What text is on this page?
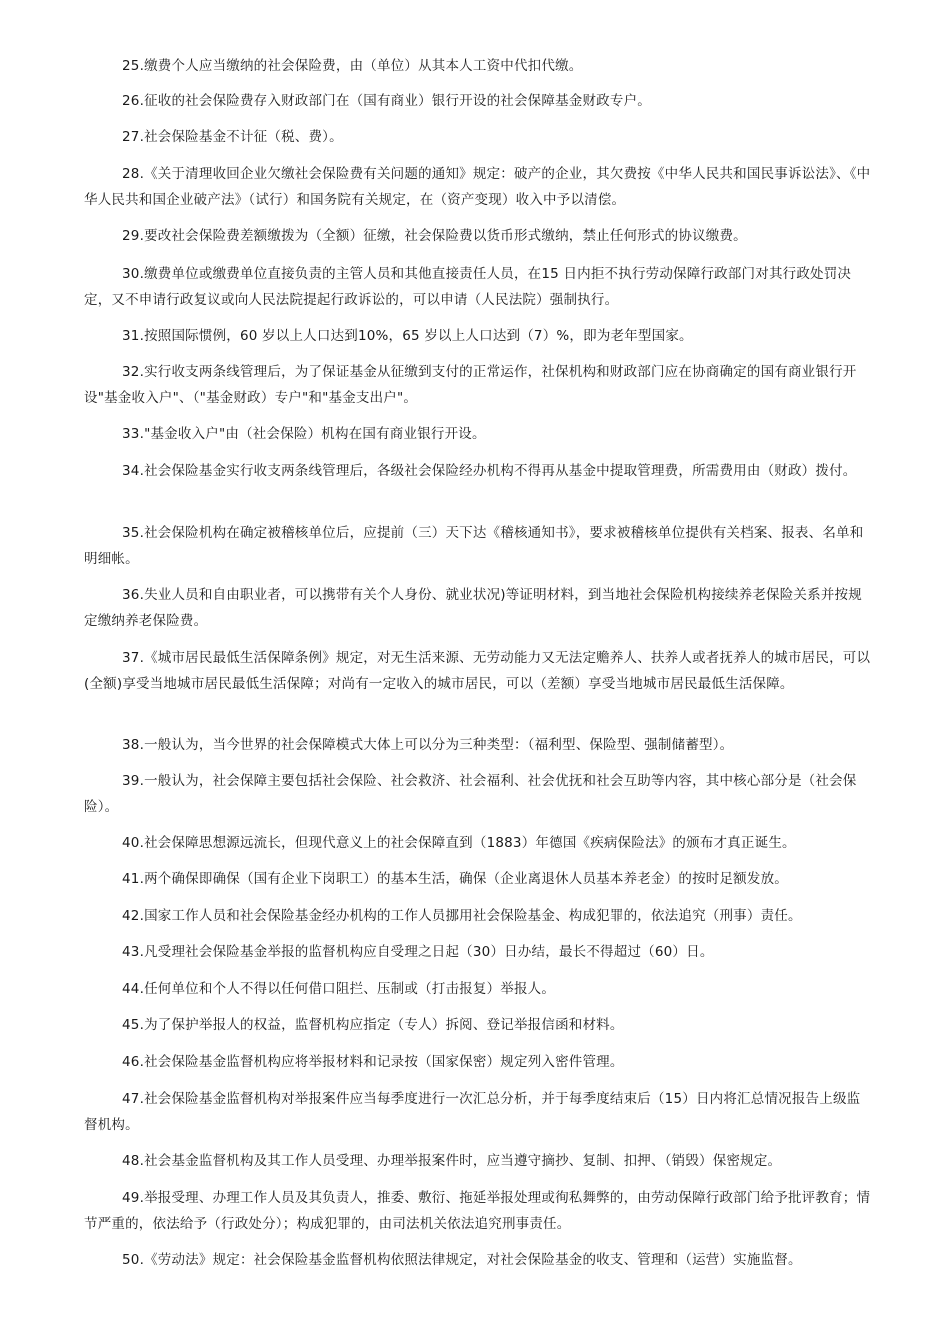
25.缴费个人应当缴纳的社会保险费，由（单位）从其本人工资中代扣代缴。

26.征收的社会保险费存入财政部门在（国有商业）银行开设的社会保障基金财政专户。

27.社会保险基金不计征（税、费）。

28.《关于清理收回企业欠缴社会保险费有关问题的通知》规定：破产的企业，其欠费按《中华人民共和国民事诉讼法》、《中华人民共和国企业破产法》（试行）和国务院有关规定，在（资产变现）收入中予以清偿。

29.要改社会保险费差额缴拨为（全额）征缴，社会保险费以货币形式缴纳，禁止任何形式的协议缴费。

30.缴费单位或缴费单位直接负责的主管人员和其他直接责任人员，在15 日内拒不执行劳动保障行政部门对其行政处罚决定，又不申请行政复议或向人民法院提起行政诉讼的，可以申请（人民法院）强制执行。

31.按照国际惯例，60 岁以上人口达到10%，65 岁以上人口达到（7）%，即为老年型国家。

32.实行收支两条线管理后，为了保证基金从征缴到支付的正常运作，社保机构和财政部门应在协商确定的国有商业银行开设"基金收入户"、（"基金财政）专户"和"基金支出户"。

33."基金收入户"由（社会保险）机构在国有商业银行开设。

34.社会保险基金实行收支两条线管理后，各级社会保险经办机构不得再从基金中提取管理费，所需费用由（财政）拨付。

35.社会保险机构在确定被稽核单位后，应提前（三）天下达《稽核通知书》，要求被稽核单位提供有关档案、报表、名单和明细帐。

36.失业人员和自由职业者，可以携带有关个人身份、就业状况)等证明材料，到当地社会保险机构接续养老保险关系并按规定缴纳养老保险费。

37.《城市居民最低生活保障条例》规定，对无生活来源、无劳动能力又无法定赡养人、扶养人或者抚养人的城市居民，可以(全额)享受当地城市居民最低生活保障；对尚有一定收入的城市居民，可以（差额）享受当地城市居民最低生活保障。

38.一般认为，当今世界的社会保障模式大体上可以分为三种类型：（福利型、保险型、强制储蓄型）。

39.一般认为，社会保障主要包括社会保险、社会救济、社会福利、社会优抚和社会互助等内容，其中核心部分是（社会保险）。

40.社会保障思想源远流长，但现代意义上的社会保障直到（1883）年德国《疾病保险法》的颁布才真正诞生。

41.两个确保即确保（国有企业下岗职工）的基本生活，确保（企业离退休人员基本养老金）的按时足额发放。

42.国家工作人员和社会保险基金经办机构的工作人员挪用社会保险基金、构成犯罪的，依法追究（刑事）责任。

43.凡受理社会保险基金举报的监督机构应自受理之日起（30）日办结，最长不得超过（60）日。

44.任何单位和个人不得以任何借口阻拦、压制或（打击报复）举报人。

45.为了保护举报人的权益，监督机构应指定（专人）拆阅、登记举报信函和材料。

46.社会保险基金监督机构应将举报材料和记录按（国家保密）规定列入密件管理。

47.社会保险基金监督机构对举报案件应当每季度进行一次汇总分析，并于每季度结束后（15）日内将汇总情况报告上级监督机构。

48.社会基金监督机构及其工作人员受理、办理举报案件时，应当遵守摘抄、复制、扣押、（销毁）保密规定。

49.举报受理、办理工作人员及其负责人，推委、敷衍、拖延举报处理或徇私舞弊的，由劳动保障行政部门给予批评教育；情节严重的，依法给予（行政处分）；构成犯罪的，由司法机关依法追究刑事责任。

50.《劳动法》规定：社会保险基金监督机构依照法律规定，对社会保险基金的收支、管理和（运营）实施监督。
